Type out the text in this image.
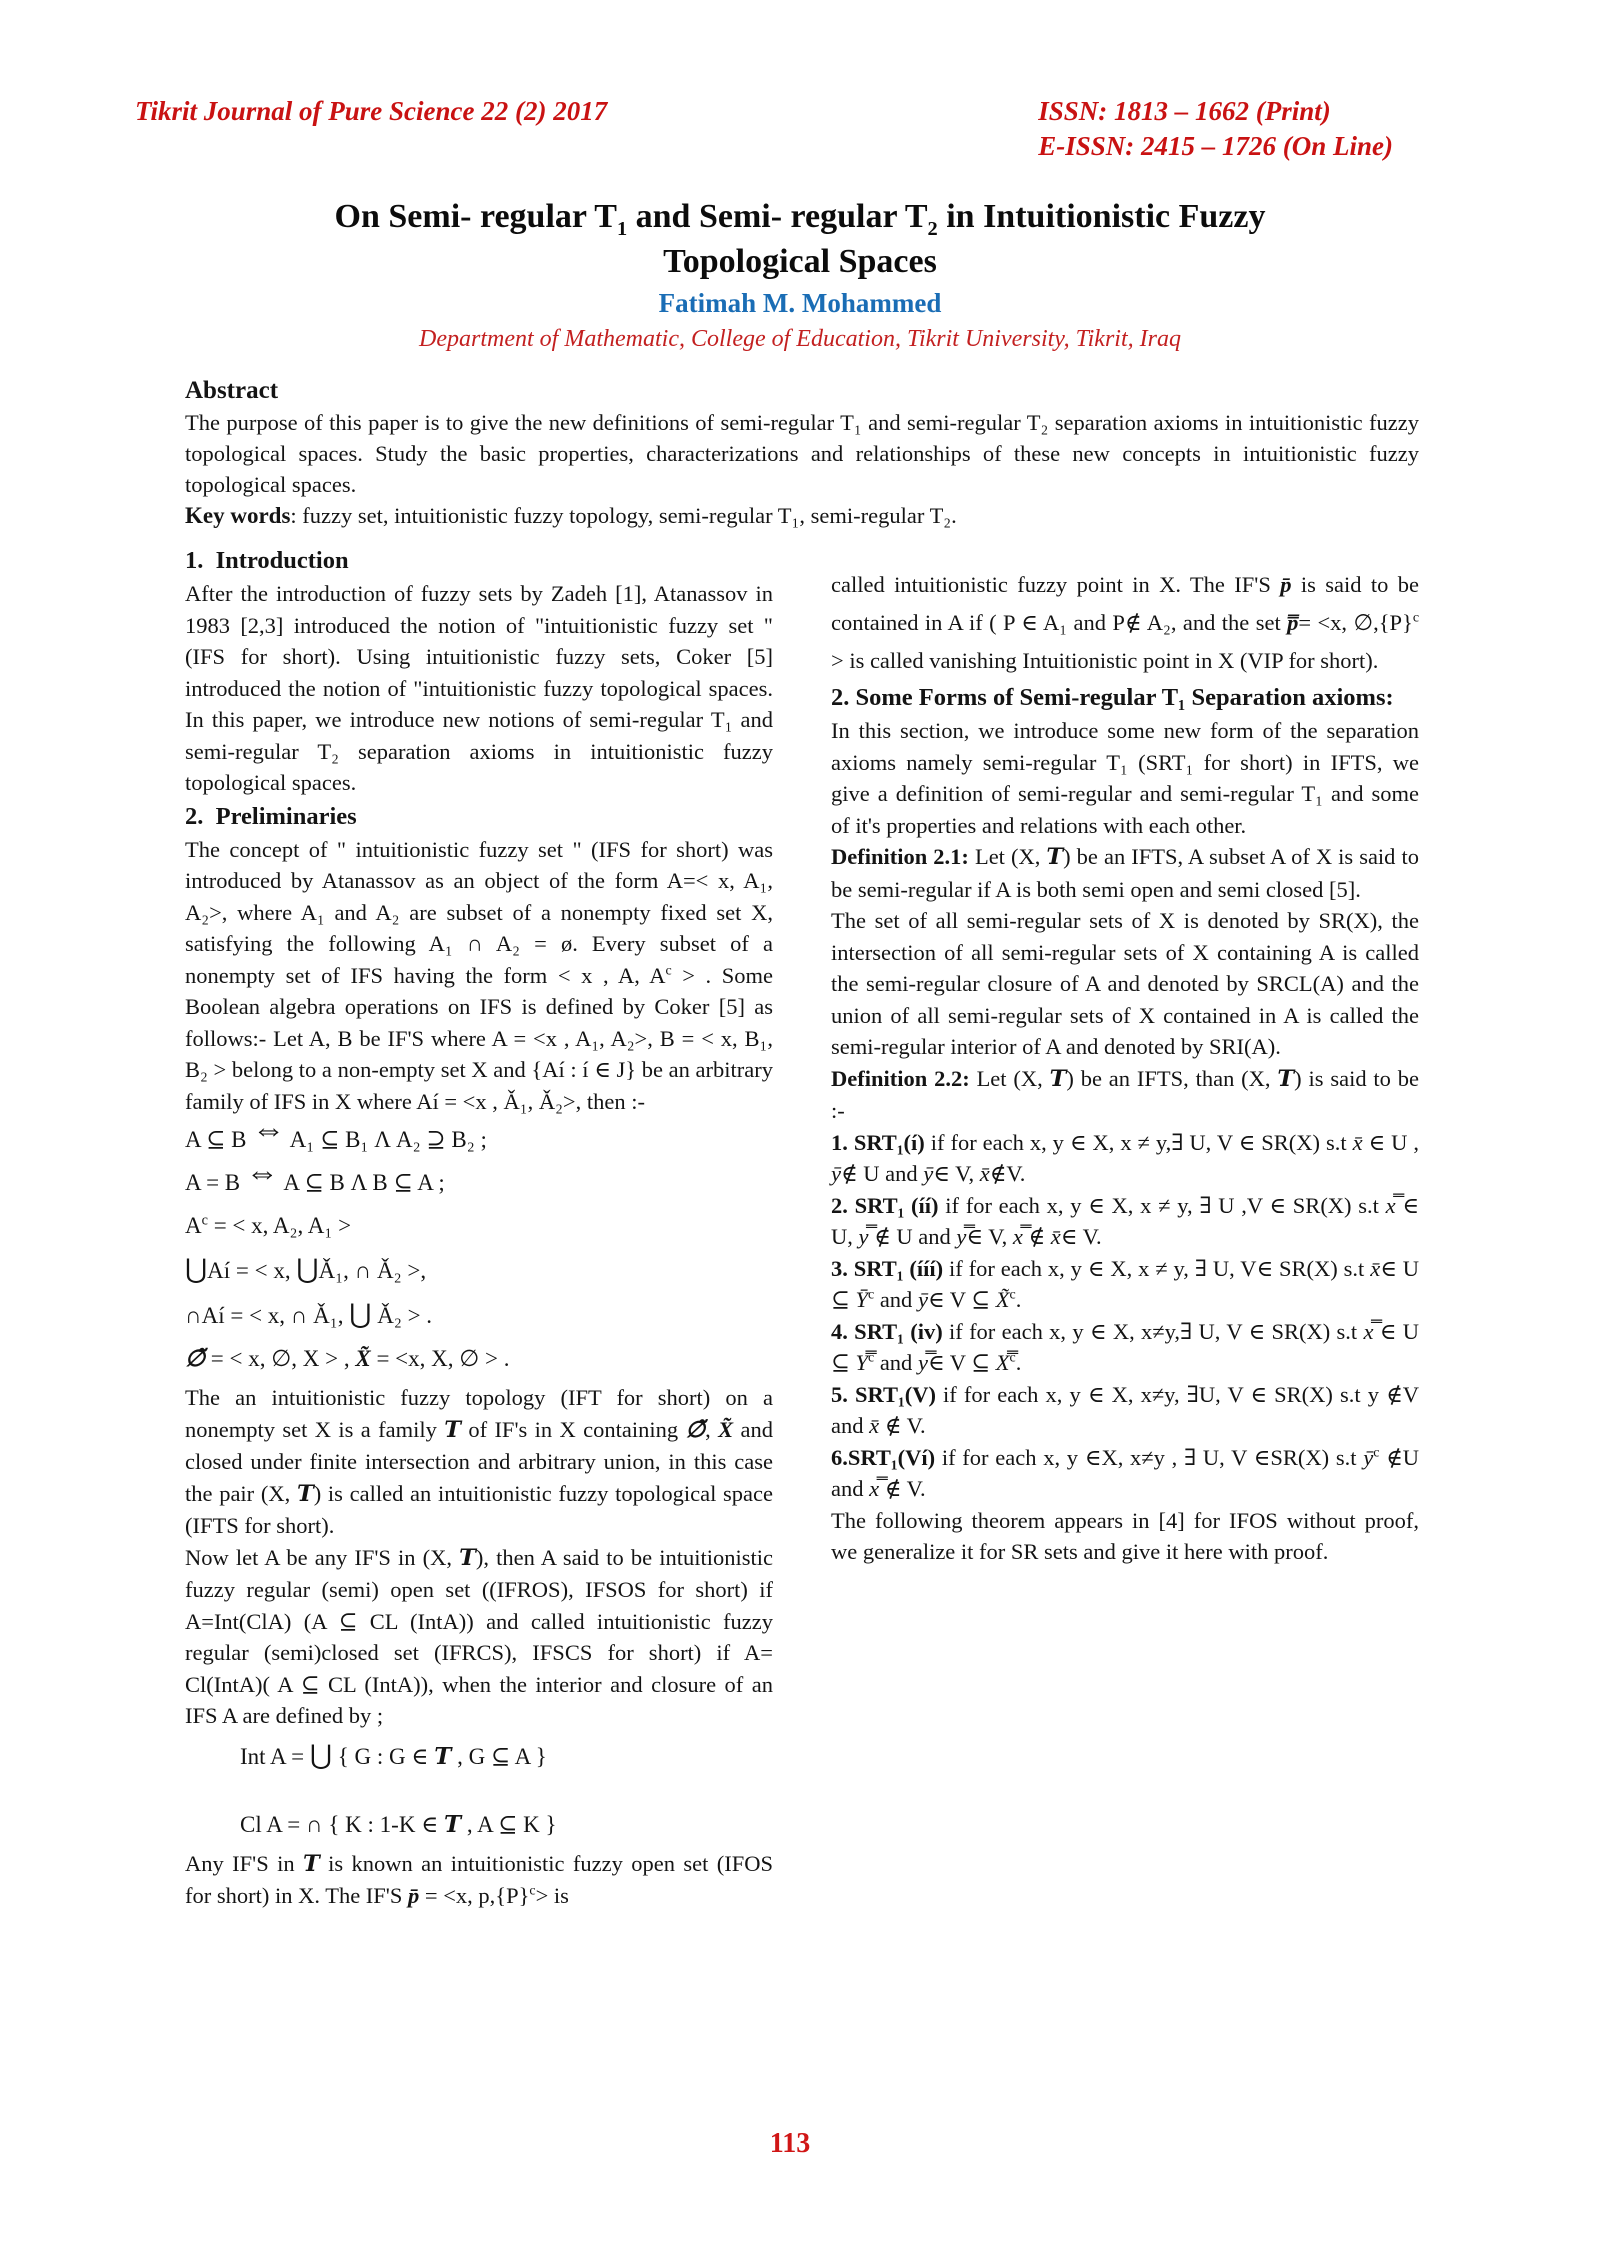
Tikrit Journal of Pure Science 22 (2) 2017	ISSN: 1813 – 1662 (Print)
E-ISSN: 2415 – 1726 (On Line)
On Semi- regular $T_1$ and Semi- regular $T_2$ in Intuitionistic Fuzzy
Topological Spaces
Fatimah M. Mohammed
Department of Mathematic, College of Education, Tikrit University, Tikrit, Iraq
Abstract

The purpose of this paper is to give the new definitions of semi-regular T₁ and semi-regular T₂ separation axioms in intuitionistic fuzzy topological spaces. Study the basic properties, characterizations and relationships of these new concepts in intuitionistic fuzzy topological spaces.

Key words: fuzzy set, intuitionistic fuzzy topology, semi-regular T₁, semi-regular T₂.

1.  Introduction

After the introduction of fuzzy sets by Zadeh [1], Atanassov in 1983 [2,3] introduced the notion of "intuitionistic fuzzy set " (IFS for short). Using intuitionistic fuzzy sets, Coker [5] introduced the notion of "intuitionistic fuzzy topological spaces. In this paper, we introduce new notions of semi-regular T₁ and semi-regular T₂ separation axioms in intuitionistic fuzzy topological spaces.

2.  Preliminaries

The concept of " intuitionistic fuzzy set " (IFS for short) was introduced by Atanassov as an object of the form A=< x, A₁, A₂>, where A₁ and A₂ are subset of a nonempty fixed set X, satisfying the following A₁ ∩ A₂ = ø. Every subset of a nonempty set of IFS having the form < x , A, $A^c$ > . Some Boolean algebra operations on IFS is defined by Coker [5] as follows:- Let A, B be IF'S where A = <x , A₁, A₂>, B = < x, B₁, B₂ > belong to a non-empty set X and {Aí : í ∈ J} be an arbitrary family of IFS in X where Aí = <x , Ǎ₁, Ǎ₂>, then :-

A ⊆ B ⇔ A₁ ⊆ B₁ Λ A₂ ⊇ B₂ ;
A = B ⇔ A ⊆ B Λ B ⊆ A ;
$A^c$ = < x, A₂, A₁ >
⋃Aí = < x, ⋃Ǎ₁, ∩ Ǎ₂ >,
∩Aí = < x, ∩ Ǎ₁, ⋃ Ǎ₂ > .
∅̃ = < x, ∅, X > , X̃ = <x, X, ∅ > .

The an intuitionistic fuzzy topology (IFT for short) on a nonempty set X is a family T of IF's in X containing ∅̃, X̃ and closed under finite intersection and arbitrary union, in this case the pair (X, T) is called an intuitionistic fuzzy topological space (IFTS for short).

Now let A be any IF'S in (X, T), then A said to be intuitionistic fuzzy regular (semi) open set ((IFROS), IFSOS for short) if A=Int(ClA) (A ⊆ CL (IntA)) and called intuitionistic fuzzy regular (semi)closed set (IFRCS), IFSCS for short) if A= Cl(IntA)( A ⊆ CL (IntA)), when the interior and closure of an IFS A are defined by ;

Int A = ⋃ { G : G ∈ T , G ⊆ A }
Cl A = ∩ { K : 1-K ∈ T , A ⊆ K }

Any IF'S in T is known an intuitionistic fuzzy open set (IFOS for short) in X. The IF'S p̄ = <x, $p,\{P\}^c>$ is

called intuitionistic fuzzy point in X. The IF'S p̄ is said to be contained in A if ( P ∈ A₁ and P∉ A₂, and the set p̿= <x, $\emptyset,\{P\}^c$ > is called vanishing Intuitionistic point in X (VIP for short).

2. Some Forms of Semi-regular T₁ Separation axioms:

In this section, we introduce some new form of the separation axioms namely semi-regular T₁ (SRT₁ for short) in IFTS, we give a definition of semi-regular and semi-regular T₁ and some of it's properties and relations with each other.

Definition 2.1: Let (X, T) be an IFTS, A subset A of X is said to be semi-regular if A is both semi open and semi closed [5].

The set of all semi-regular sets of X is denoted by SR(X), the intersection of all semi-regular sets of X containing A is called the semi-regular closure of A and denoted by SRCL(A) and the union of all semi-regular sets of X contained in A is called the semi-regular interior of A and denoted by SRI(A).

Definition 2.2: Let (X, T) be an IFTS, than (X, T) is said to be :-

1. SRT₁(í) if for each x, y ∈ X, x ≠ y,∃ U, V ∈ SR(X) s.t x̄ ∈ U , ȳ∉ U and ȳ∈ V, x̄∉V.

2. SRT₁ (íí) if for each x, y ∈ X, x ≠ y, ∃ U ,V ∈ SR(X) s.t x̿ ∈ U, y̿ ∉ U and y̿∈ V, x̿ ∉ x̄∈ V.

3. SRT₁ (ííí) if for each x, y ∈ X, x ≠ y, ∃ U, V∈ SR(X) s.t x̄∈ U ⊆ $Ȳ^c$ and ȳ∈ V ⊆ X̃$^c$.

4. SRT₁ (iv) if for each x, y ∈ X, x≠y,∃ U, V ∈ SR(X) s.t x̿ ∈ U ⊆ Y̿$^c$ and y̿∈ V ⊆ X̿$^c$.

5. SRT₁(V) if for each x, y ∈ X, x≠y, ∃U, V ∈ SR(X) s.t y ∉V and x̄ ∉ V.

6.SRT₁(Ví) if for each x, y ∈X, x≠y , ∃ U, V ∈SR(X) s.t $ȳ^c$ ∉U and x̿ ∉ V.

The following theorem appears in [4] for IFOS without proof, we generalize it for SR sets and give it here with proof.

113
